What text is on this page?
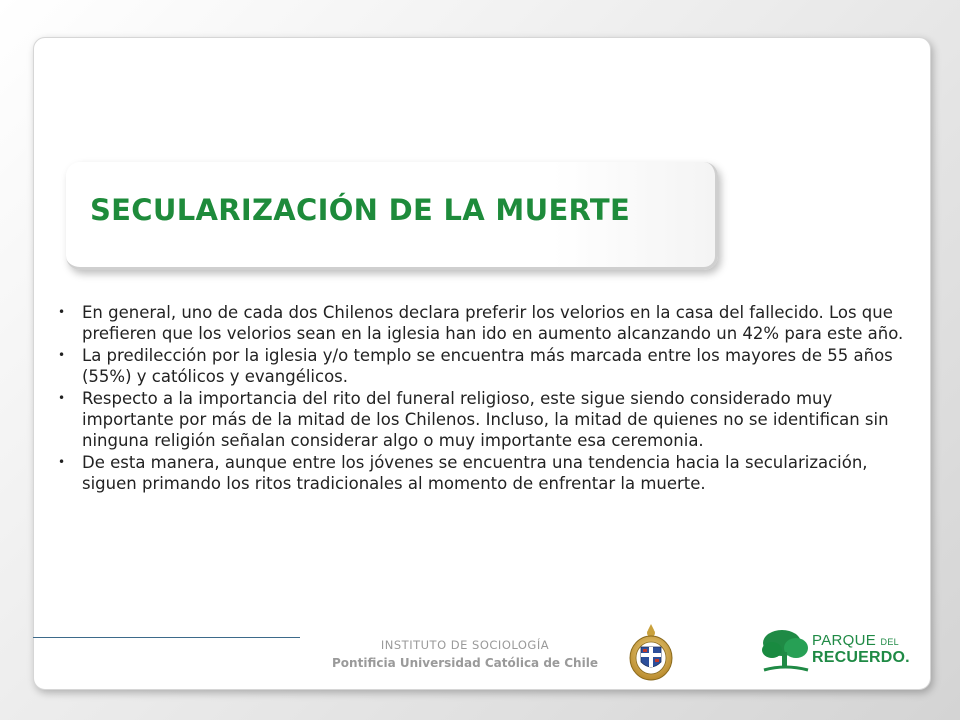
SECULARIZACIÓN DE LA MUERTE
• En general, uno de cada dos Chilenos declara preferir los velorios en la casa del fallecido. Los que prefieren que los velorios sean en la iglesia han ido en aumento alcanzando un 42% para este año.
• La predilección por la iglesia y/o templo se encuentra más marcada entre los mayores de 55 años (55%) y católicos y evangélicos.
• Respecto a la importancia del rito del funeral religioso, este sigue siendo considerado muy importante por más de la mitad de los Chilenos. Incluso, la mitad de quienes no se identifican sin ninguna religión señalan considerar algo o muy importante esa ceremonia.
• De esta manera, aunque entre los jóvenes se encuentra una tendencia hacia la secularización, siguen primando los ritos tradicionales al momento de enfrentar la muerte.
INSTITUTO DE SOCIOLOGÍA
Pontificia Universidad Católica de Chile
PARQUE DEL
RECUERDO.
